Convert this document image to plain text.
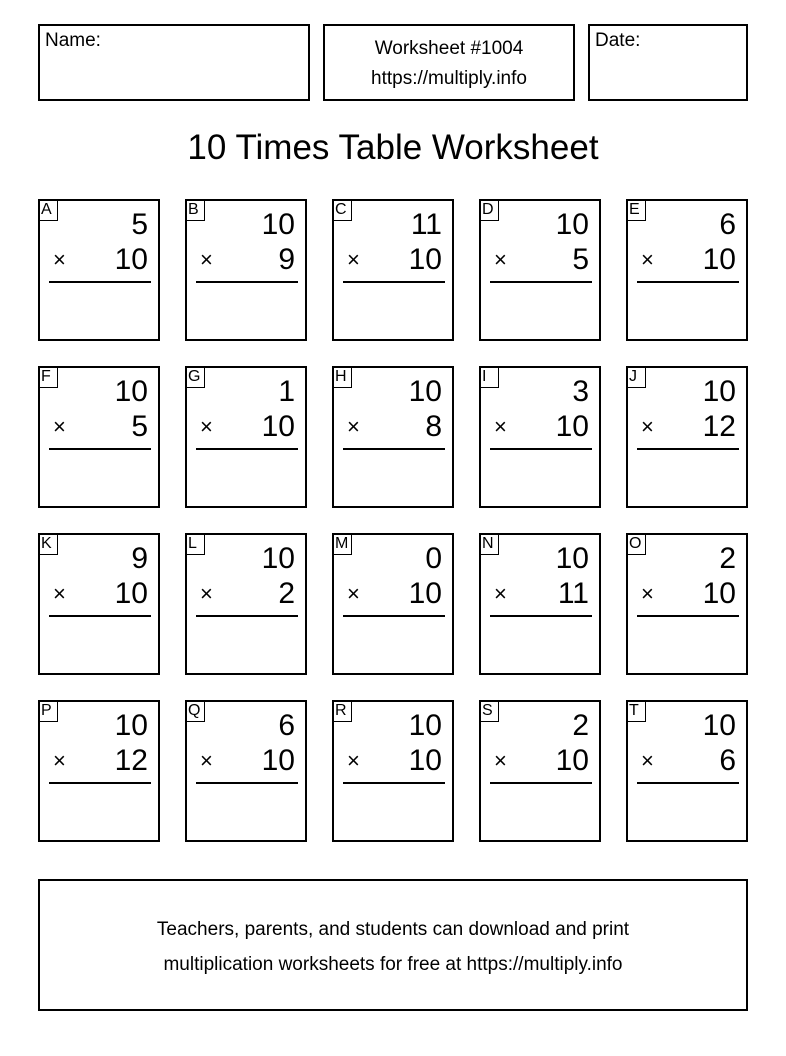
Name:	Worksheet #1004
https://multiply.info
Date:
10 Times Table Worksheet
A	5
× 10
B 10
× 9
C 11
× 10
D 10
× 5
E	6
× 10
F 10
× 5
G	1
× 10
H 10
× 8
I	3
× 10
J	10
× 12
K	9
× 10
L 10
× 2
M	0
× 10
N 10
× 11
O	2
× 10
P 10
× 12
Q	6
× 10
R 10
× 10
S	2
× 10
T 10
× 6
Teachers, parents, and students can download and print
multiplication worksheets for free at https://multiply.info
